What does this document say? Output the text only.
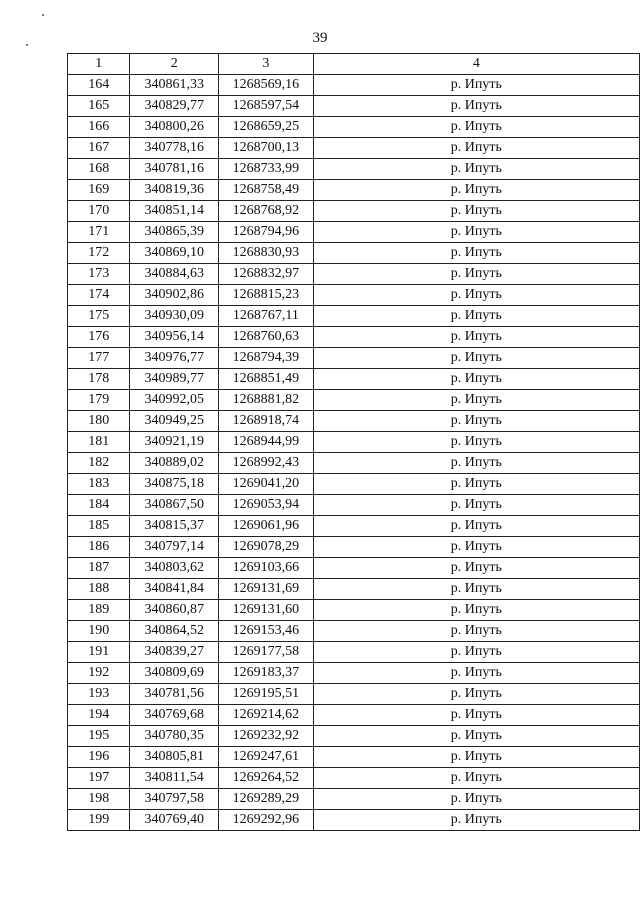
39
1	2	3	4
164	340861,33	1268569,16	р. Ипуть
165	340829,77	1268597,54	р. Ипуть
166	340800,26	1268659,25	р. Ипуть
167	340778,16	1268700,13	р. Ипуть
168	340781,16	1268733,99	р. Ипуть
169	340819,36	1268758,49	р. Ипуть
170	340851,14	1268768,92	р. Ипуть
171	340865,39	1268794,96	р. Ипуть
172	340869,10	1268830,93	р. Ипуть
173	340884,63	1268832,97	р. Ипуть
174	340902,86	1268815,23	р. Ипуть
175	340930,09	1268767,11	р. Ипуть
176	340956,14	1268760,63	р. Ипуть
177	340976,77	1268794,39	р. Ипуть
178	340989,77	1268851,49	р. Ипуть
179	340992,05	1268881,82	р. Ипуть
180	340949,25	1268918,74	р. Ипуть
181	340921,19	1268944,99	р. Ипуть
182	340889,02	1268992,43	р. Ипуть
183	340875,18	1269041,20	р. Ипуть
184	340867,50	1269053,94	р. Ипуть
185	340815,37	1269061,96	р. Ипуть
186	340797,14	1269078,29	р. Ипуть
187	340803,62	1269103,66	р. Ипуть
188	340841,84	1269131,69	р. Ипуть
189	340860,87	1269131,60	р. Ипуть
190	340864,52	1269153,46	р. Ипуть
191	340839,27	1269177,58	р. Ипуть
192	340809,69	1269183,37	р. Ипуть
193	340781,56	1269195,51	р. Ипуть
194	340769,68	1269214,62	р. Ипуть
195	340780,35	1269232,92	р. Ипуть
196	340805,81	1269247,61	р. Ипуть
197	340811,54	1269264,52	р. Ипуть
198	340797,58	1269289,29	р. Ипуть
199	340769,40	1269292,96	р. Ипуть
